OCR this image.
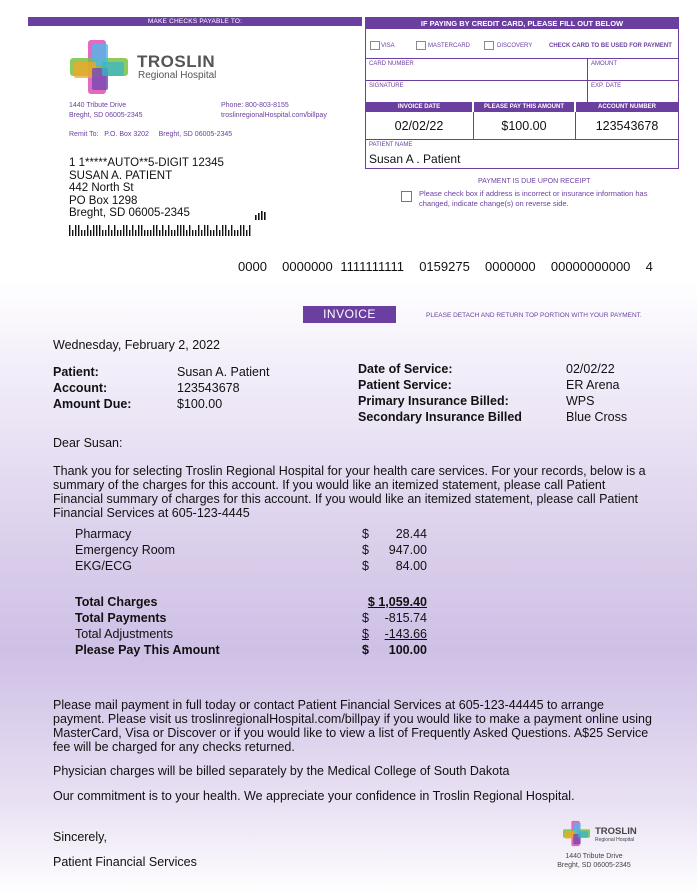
MAKE CHECKS PAYABLE TO:
TROSLIN
Regional Hospital
1440 Tribute Drive
Breght, SD 06005-2345
Phone: 800-803-8155
troslinregionalHospital.com/billpay
Remit To:   P.O. Box 3202     Breght, SD 06005-2345
1 1*****AUTO**5-DIGIT 12345
SUSAN A. PATIENT
442 North St
PO Box 1298
Breght, SD 06005-2345
IF PAYING BY CREDIT CARD, PLEASE FILL OUT BELOW
VISA	MASTERCARD	DISCOVERY	CHECK CARD TO BE USED FOR PAYMENT
CARD NUMBER	AMOUNT
SIGNATURE	EXP. DATE
INVOICE DATE	PLEASE PAY THIS AMOUNT	ACCOUNT NUMBER
02/02/22	$100.00	123543678
PATIENT NAME
Susan A . Patient
PAYMENT IS DUE UPON RECEIPT
Please check box if address is incorrect or insurance information has changed, indicate change(s) on reverse side.
0000  0000000 1111111111  0159275  0000000  00000000000  4
INVOICE	PLEASE DETACH AND RETURN TOP PORTION WITH YOUR PAYMENT.
Wednesday, February 2, 2022
Patient:	Susan A. Patient
Account:	123543678
Amount Due:	$100.00
Date of Service:	02/02/22
Patient Service:	ER Arena
Primary Insurance Billed:	WPS
Secondary Insurance Billed	Blue Cross
Dear Susan:
Thank you for selecting Troslin Regional Hospital for your health care services. For your records, below is a summary of the charges for this account. If you would like an itemized statement, please call Patient Financial summary of charges for this account. If you would like an itemized statement, please call Patient Financial Services at 605-123-4445
Pharmacy	$	28.44
Emergency Room	$	947.00
EKG/ECG	$	84.00
Total Charges	$ 1,059.40
Total Payments	$	-815.74
Total Adjustments	$	-143.66
Please Pay This Amount	$	100.00
Please mail payment in full today or contact Patient Financial Services at 605-123-44445 to arrange payment. Please visit us troslinregionalHospital.com/billpay if you would like to make a payment online using MasterCard, Visa or Discover or if you would like to view a list of Frequently Asked Questions. A$25 Service fee will be charged for any checks returned.
Physician charges will be billed separately by the Medical College of South Dakota
Our commitment is to your health. We appreciate your confidence in Troslin Regional Hospital.
Sincerely,
Patient Financial Services
TROSLIN
Regional Hospital
1440 Tribute Drive
Breght, SD 06005-2345
